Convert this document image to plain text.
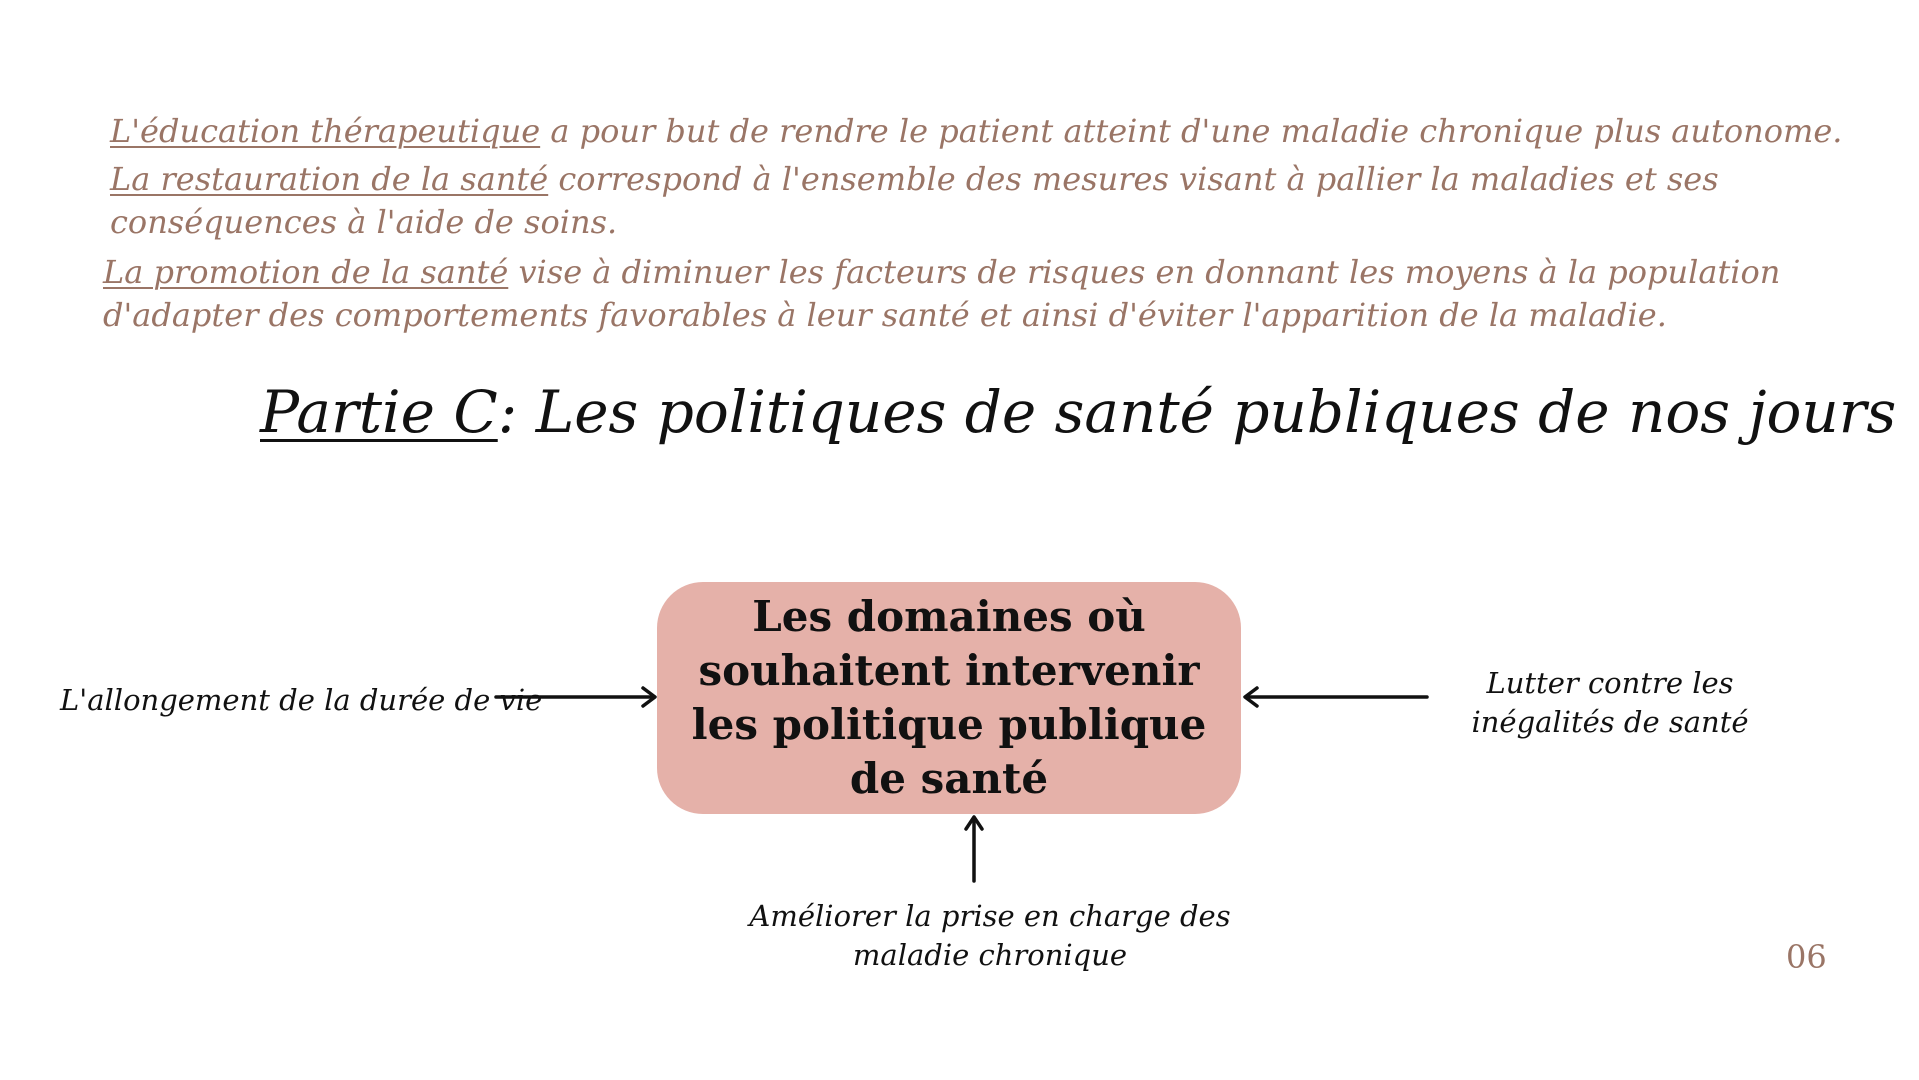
L'éducation thérapeutique a pour but de rendre le patient atteint d'une maladie chronique plus autonome.
La restauration de la santé correspond à l'ensemble des mesures visant à pallier la maladies et ses conséquences à l'aide de soins.
La promotion de la santé vise à diminuer les facteurs de risques en donnant les moyens à la population d'adapter des comportements favorables à leur santé et ainsi d'éviter l'apparition de la maladie.
Partie C: Les politiques de santé publiques de nos jours
L'allongement de la durée de vie
Les domaines où souhaitent intervenir les politique publique de santé
Lutter contre les inégalités de santé
Améliorer la prise en charge des maladie chronique	06
